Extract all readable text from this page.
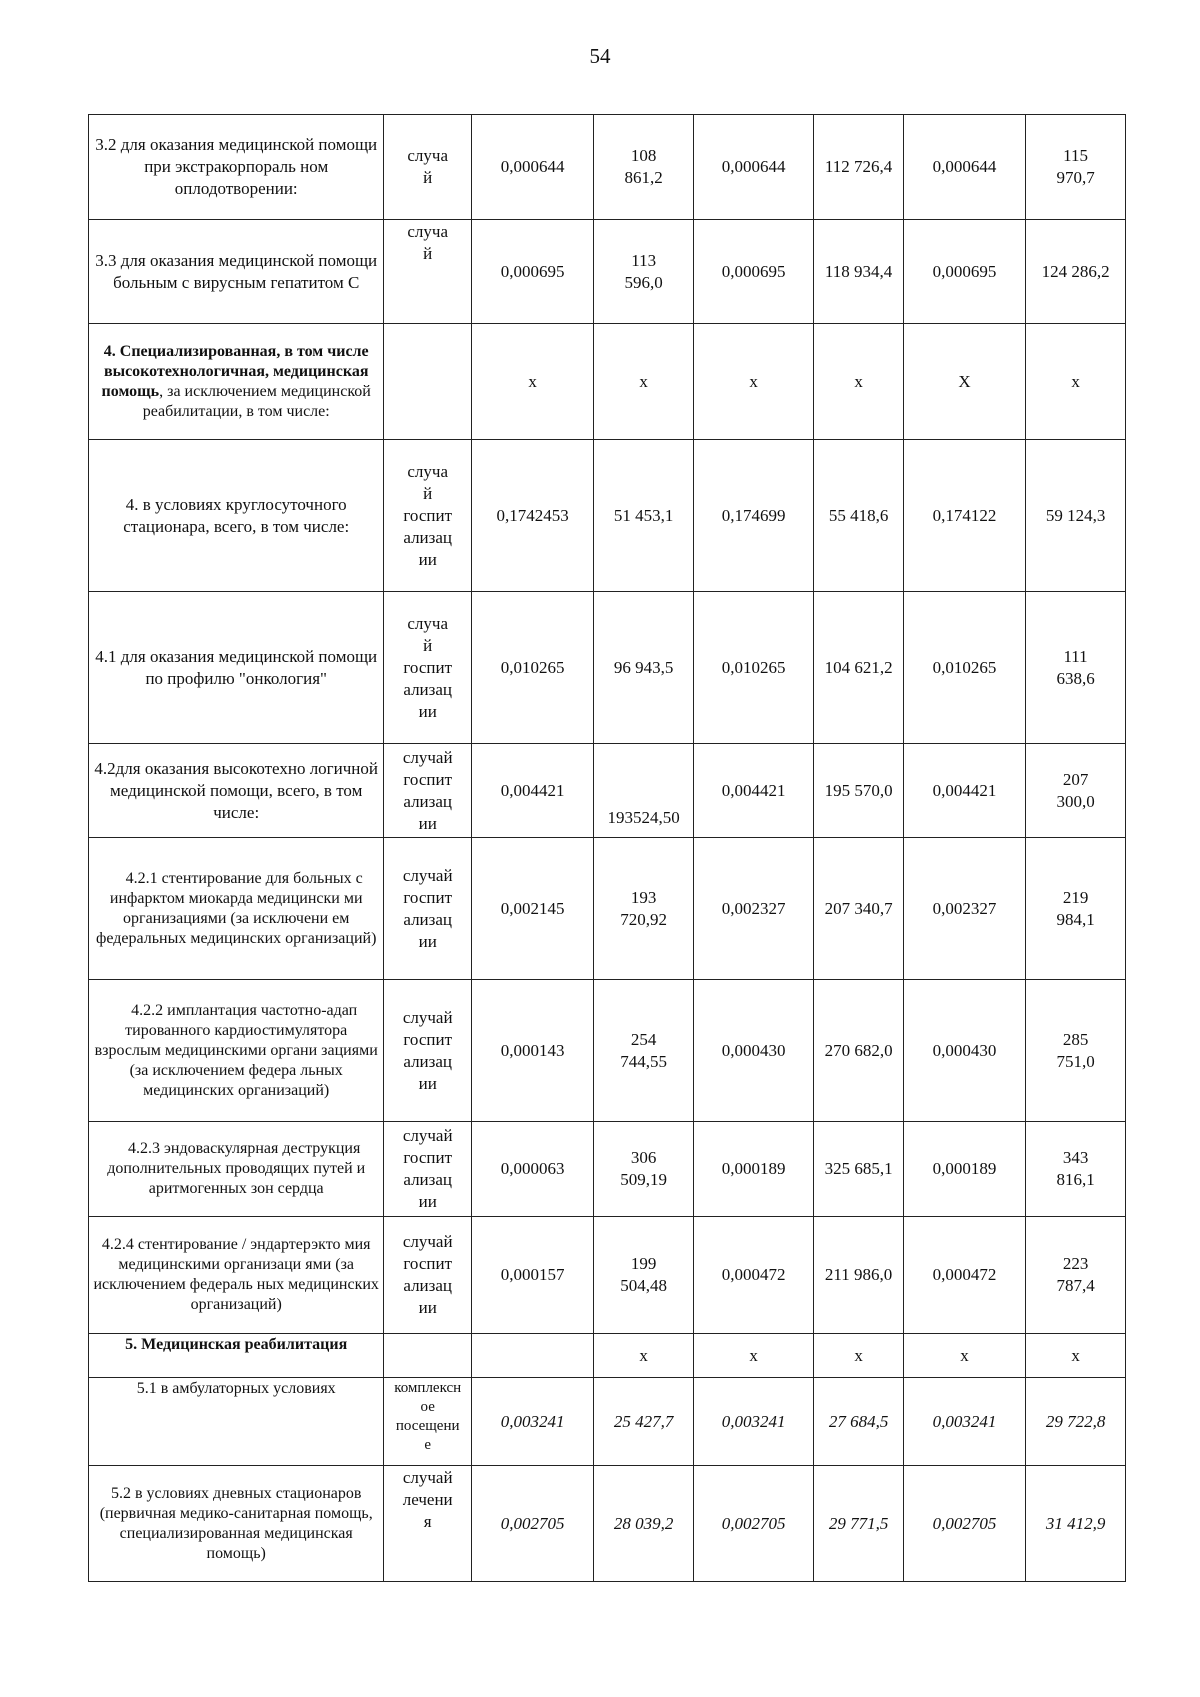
54
3.2 для оказания медицинской помощи при экстракорпораль ном оплодотворении:	случа
й	0,000644	108
861,2	0,000644	112 726,4	0,000644	115
970,7

3.3 для оказания медицинской помощи больным с вирусным гепатитом С	случа
й	0,000695	113
596,0	0,000695	118 934,4	0,000695	124 286,2

4. Специализированная, в том числе высокотехнологичная, медицинская помощь, за исключением медицинской реабилитации, в том числе:		х	х	х	х	Х	х

4. в условиях круглосуточного стационара, всего, в том числе:	случа
й
госпит
ализац
ии	0,1742453	51 453,1	0,174699	55 418,6	0,174122	59 124,3

4.1 для оказания медицинской помощи по профилю "онкология"	случа
й
госпит
ализац
ии	0,010265	96 943,5	0,010265	104 621,2	0,010265	111
638,6

4.2для оказания высокотехно логичной медицинской помощи, всего, в том числе:	случай
госпит
ализац
ии	0,004421	193524,50	0,004421	195 570,0	0,004421	207
300,0

4.2.1 стентирование для больных с инфарктом миокарда медицински ми организациями (за исключени ем федеральных медицинских организаций)	случай
госпит
ализац
ии	0,002145	193
720,92	0,002327	207 340,7	0,002327	219
984,1

4.2.2 имплантация частотно-адап тированного кардиостимулятора взрослым медицинскими органи зациями (за исключением федера льных медицинских организаций)	случай
госпит
ализац
ии	0,000143	254
744,55	0,000430	270 682,0	0,000430	285
751,0

4.2.3 эндоваскулярная деструкция дополнительных проводящих путей и аритмогенных зон сердца	случай
госпит
ализац
ии	0,000063	306
509,19	0,000189	325 685,1	0,000189	343
816,1

4.2.4 стентирование / эндартерэкто мия медицинскими организаци ями (за исключением федераль ных медицинских организаций)	случай
госпит
ализац
ии	0,000157	199
504,48	0,000472	211 986,0	0,000472	223
787,4

5. Медицинская реабилитация			х	х	х	х	х

5.1 в амбулаторных условиях	комплексн
ое
посещени
е	0,003241	25 427,7	0,003241	27 684,5	0,003241	29 722,8

5.2 в условиях дневных стационаров (первичная медико-санитарная помощь, специализированная медицинская помощь)	случай
лечени
я	0,002705	28 039,2	0,002705	29 771,5	0,002705	31 412,9
